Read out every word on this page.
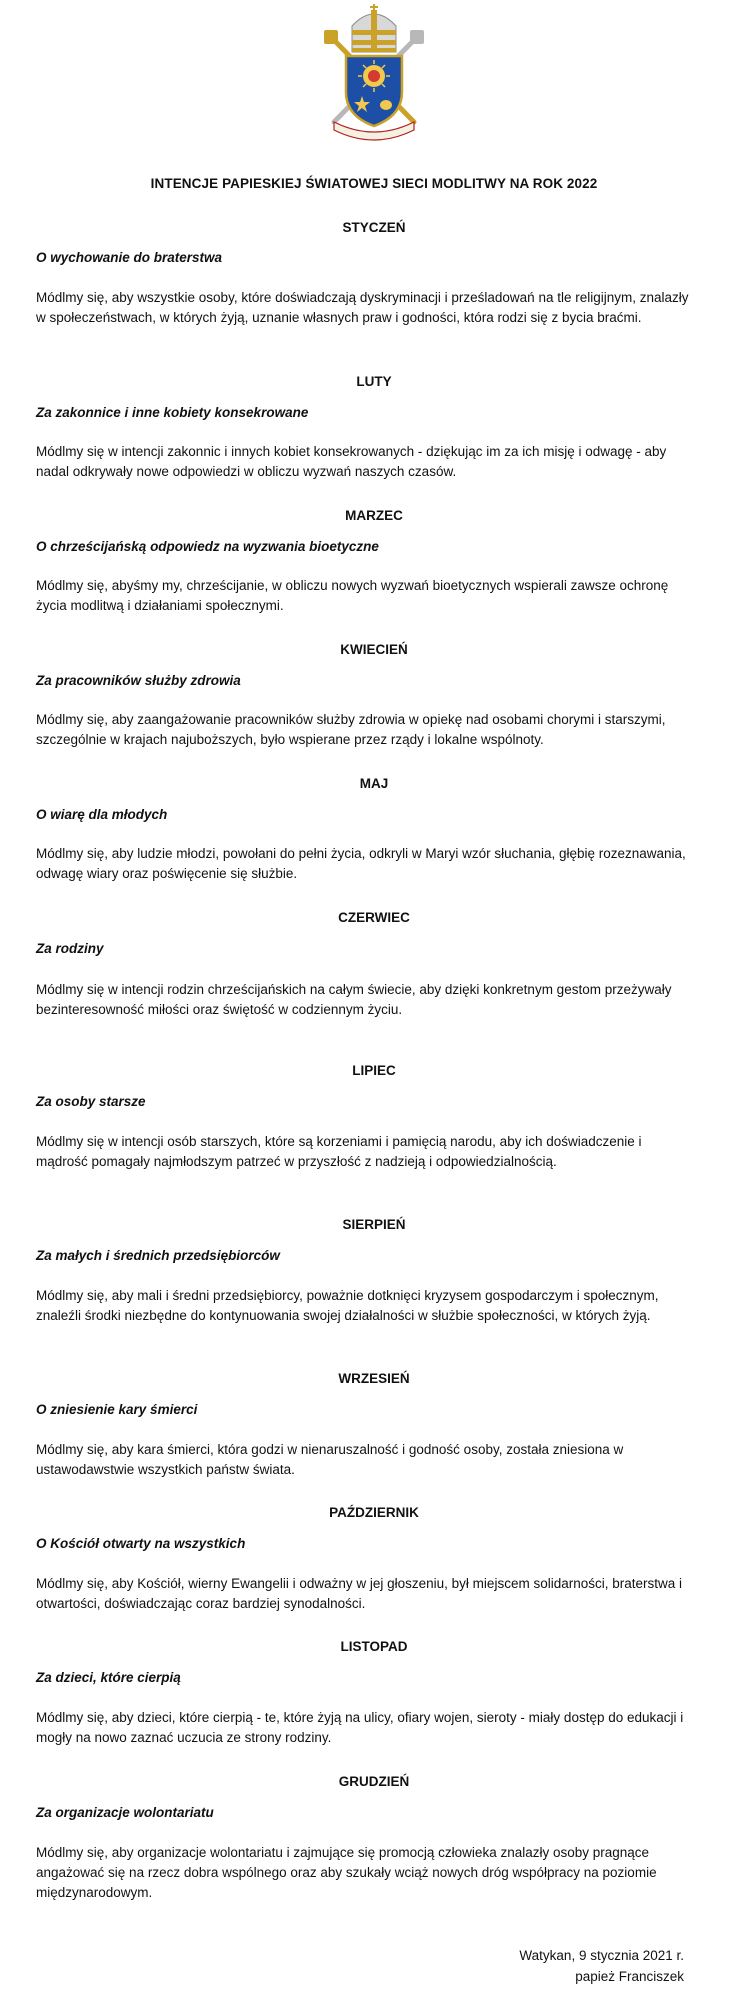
INTENCJE PAPIESKIEJ ŚWIATOWEJ SIECI MODLITWY NA ROK 2022
STYCZEŃ
O wychowanie do braterstwa
Módlmy się, aby wszystkie osoby, które doświadczają dyskryminacji i prześladowań na tle religijnym, znalazły w społeczeństwach, w których żyją, uznanie własnych praw i godności, która rodzi się z bycia braćmi.
LUTY
Za zakonnice i inne kobiety konsekrowane
Módlmy się w intencji zakonnic i innych kobiet konsekrowanych - dziękując im za ich misję i odwagę - aby nadal odkrywały nowe odpowiedzi w obliczu wyzwań naszych czasów.
MARZEC
O chrześcijańską odpowiedz na wyzwania bioetyczne
Módlmy się, abyśmy my, chrześcijanie, w obliczu nowych wyzwań bioetycznych wspierali zawsze ochronę życia modlitwą i działaniami społecznymi.
KWIECIEŃ
Za pracowników służby zdrowia
Módlmy się, aby zaangażowanie pracowników służby zdrowia w opiekę nad osobami chorymi i starszymi, szczególnie w krajach najuboższych, było wspierane przez rządy i lokalne wspólnoty.
MAJ
O wiarę dla młodych
Módlmy się, aby ludzie młodzi, powołani do pełni życia, odkryli w Maryi wzór słuchania, głębię rozeznawania, odwagę wiary oraz poświęcenie się służbie.
CZERWIEC
Za rodziny
Módlmy się w intencji rodzin chrześcijańskich na całym świecie, aby dzięki konkretnym gestom przeżywały bezinteresowność miłości oraz świętość w codziennym życiu.
LIPIEC
Za osoby starsze
Módlmy się w intencji osób starszych, które są korzeniami i pamięcią narodu, aby ich doświadczenie i mądrość pomagały najmłodszym patrzeć w przyszłość z nadzieją i odpowiedzialnością.
SIERPIEŃ
Za małych i średnich przedsiębiorców
Módlmy się, aby mali i średni przedsiębiorcy, poważnie dotknięci kryzysem gospodarczym i społecznym, znaleźli środki niezbędne do kontynuowania swojej działalności w służbie społeczności, w których żyją.
WRZESIEŃ
O zniesienie kary śmierci
Módlmy się, aby kara śmierci, która godzi w nienaruszalność i godność osoby, została zniesiona w ustawodawstwie wszystkich państw świata.
PAŹDZIERNIK
O Kościół otwarty na wszystkich
Módlmy się, aby Kościół, wierny Ewangelii i odważny w jej głoszeniu, był miejscem solidarności, braterstwa i otwartości, doświadczając coraz bardziej synodalności.
LISTOPAD
Za dzieci, które cierpią
Módlmy się, aby dzieci, które cierpią - te, które żyją na ulicy, ofiary wojen, sieroty - miały dostęp do edukacji i mogły na nowo zaznać uczucia ze strony rodziny.
GRUDZIEŃ
Za organizacje wolontariatu
Módlmy się, aby organizacje wolontariatu i zajmujące się promocją człowieka znalazły osoby pragnące angażować się na rzecz dobra wspólnego oraz aby szukały wciąż nowych dróg współpracy na poziomie międzynarodowym.
Watykan, 9 stycznia 2021 r.
papież Franciszek
